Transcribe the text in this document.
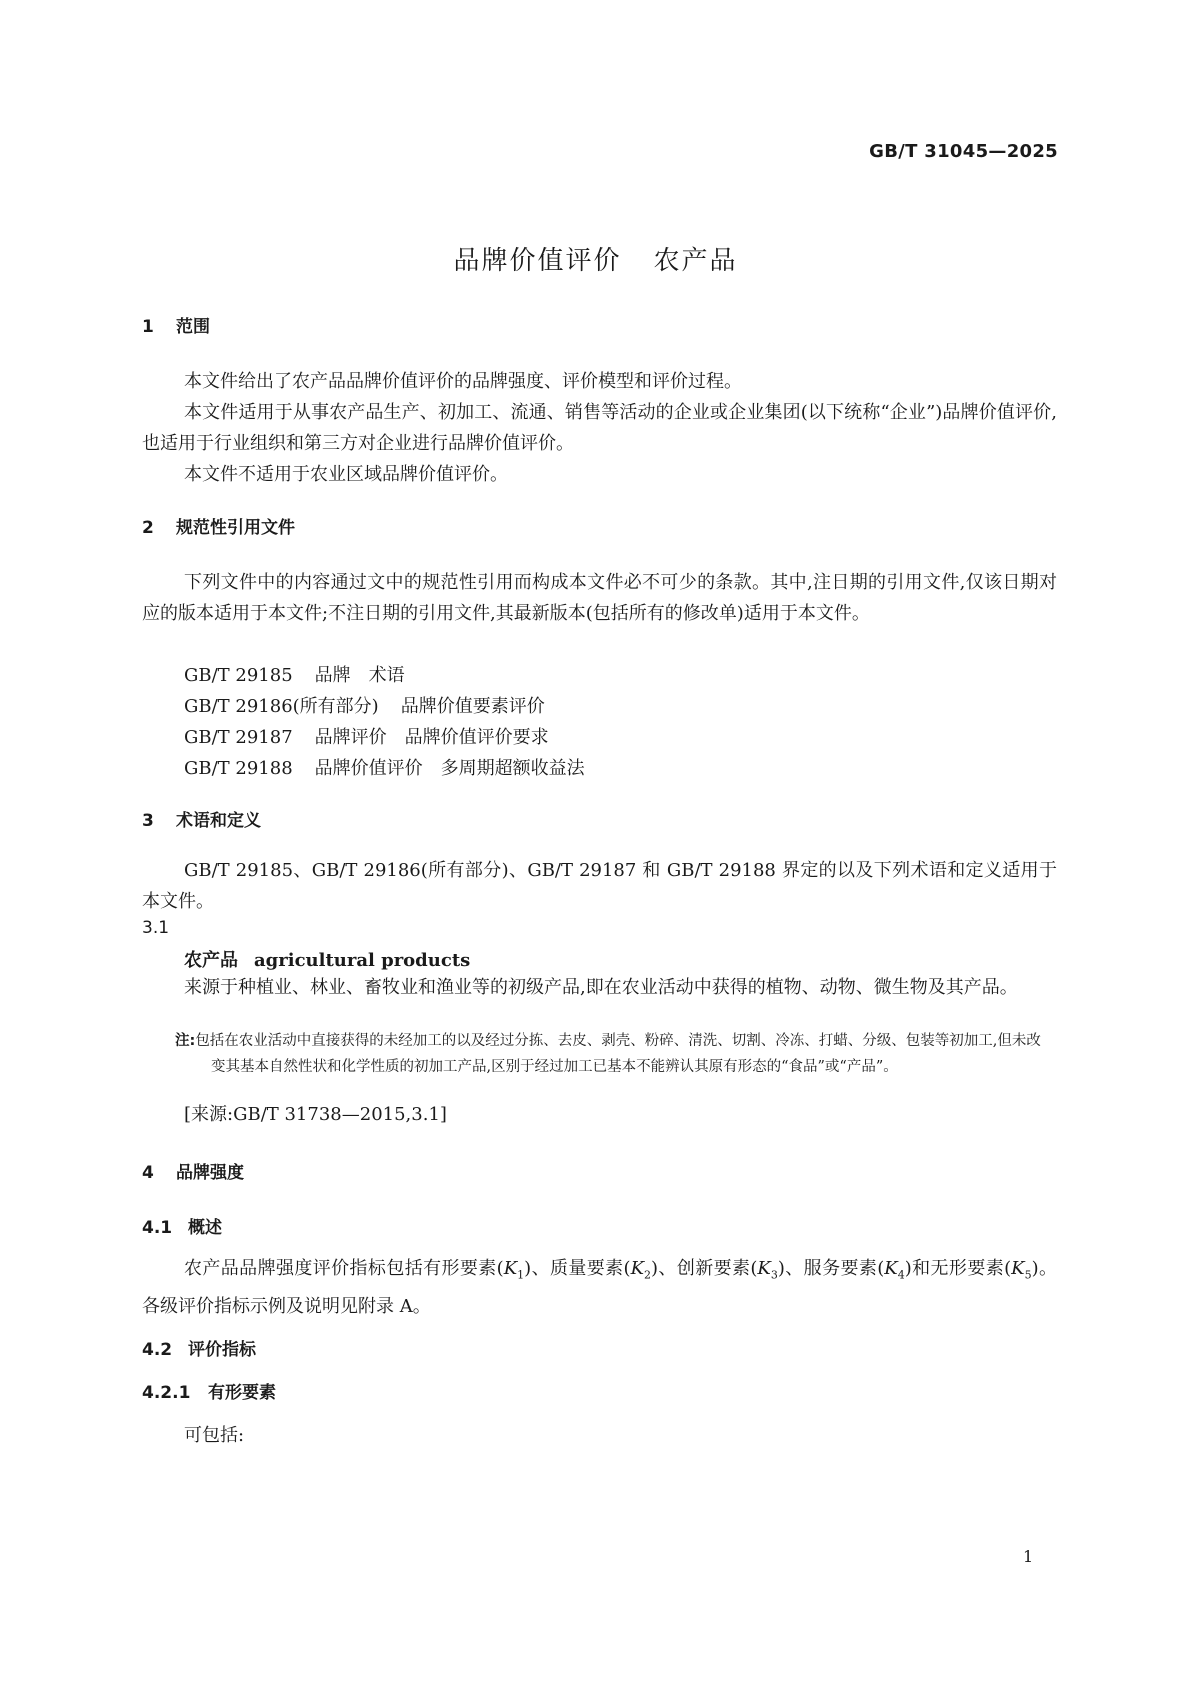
GB/T 31045—2025
品牌价值评价 农产品
1 范围
本文件给出了农产品品牌价值评价的品牌强度、评价模型和评价过程。
本文件适用于从事农产品生产、初加工、流通、销售等活动的企业或企业集团(以下统称“企业”)品牌价值评价,也适用于行业组织和第三方对企业进行品牌价值评价。
本文件不适用于农业区域品牌价值评价。
2 规范性引用文件
下列文件中的内容通过文中的规范性引用而构成本文件必不可少的条款。其中,注日期的引用文件,仅该日期对应的版本适用于本文件;不注日期的引用文件,其最新版本(包括所有的修改单)适用于本文件。
GB/T 29185 品牌　术语
GB/T 29186(所有部分) 品牌价值要素评价
GB/T 29187 品牌评价　品牌价值评价要求
GB/T 29188 品牌价值评价　多周期超额收益法
3 术语和定义
GB/T 29185、GB/T 29186(所有部分)、GB/T 29187 和 GB/T 29188 界定的以及下列术语和定义适用于本文件。
3.1
农产品 agricultural products
来源于种植业、林业、畜牧业和渔业等的初级产品,即在农业活动中获得的植物、动物、微生物及其产品。
注:包括在农业活动中直接获得的未经加工的以及经过分拣、去皮、剥壳、粉碎、清洗、切割、冷冻、打蜡、分级、包装等初加工,但未改变其基本自然性状和化学性质的初加工产品,区别于经过加工已基本不能辨认其原有形态的“食品”或“产品”。
[来源:GB/T 31738—2015,3.1]
4 品牌强度
4.1 概述
农产品品牌强度评价指标包括有形要素$(K_1)$、质量要素$(K_2)$、创新要素$(K_3)$、服务要素$(K_4)$和无形要素$(K_5)$。各级评价指标示例及说明见附录 A。
4.2 评价指标
4.2.1 有形要素
可包括:
1
